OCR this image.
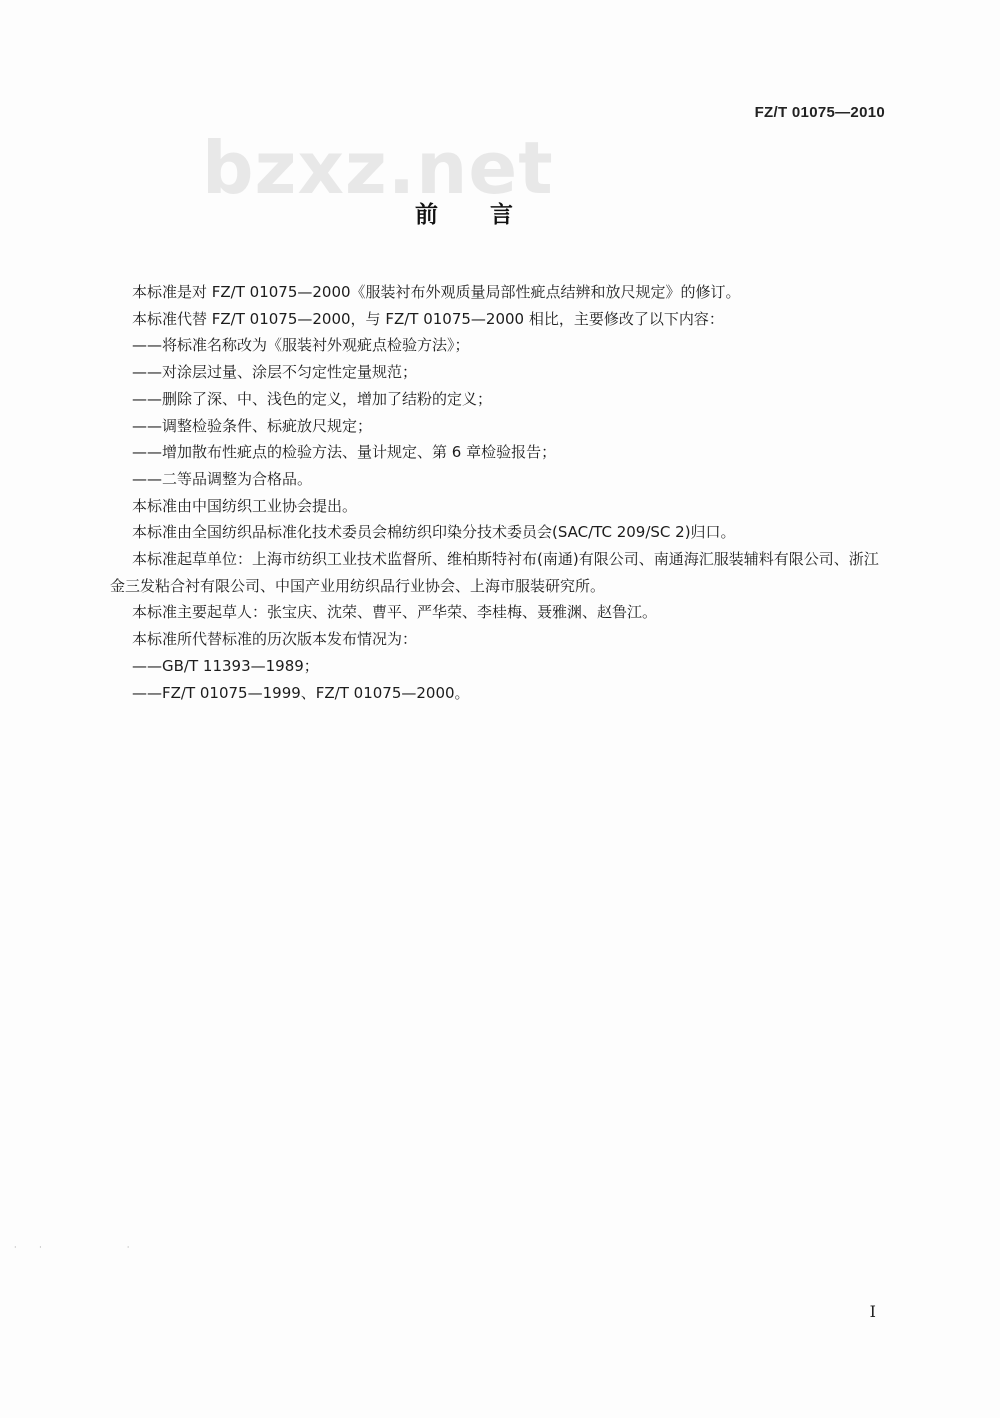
FZ/T 01075—2010
bzxz.net
前言

本标准是对 FZ/T 01075—2000《服装衬布外观质量局部性疵点结辨和放尺规定》的修订。

本标准代替 FZ/T 01075—2000，与 FZ/T 01075—2000 相比，主要修改了以下内容：

——将标准名称改为《服装衬外观疵点检验方法》；

——对涂层过量、涂层不匀定性定量规范；

——删除了深、中、浅色的定义，增加了结粉的定义；

——调整检验条件、标疵放尺规定；

——增加散布性疵点的检验方法、量计规定、第 6 章检验报告；

——二等品调整为合格品。

本标准由中国纺织工业协会提出。

本标准由全国纺织品标准化技术委员会棉纺织印染分技术委员会(SAC/TC 209/SC 2)归口。

本标准起草单位：上海市纺织工业技术监督所、维柏斯特衬布(南通)有限公司、南通海汇服装辅料有限公司、浙江金三发粘合衬有限公司、中国产业用纺织品行业协会、上海市服装研究所。

本标准主要起草人：张宝庆、沈荣、曹平、严华荣、李桂梅、聂雅渊、赵鲁江。

本标准所代替标准的历次版本发布情况为：

——GB/T 11393—1989；

——FZ/T 01075—1999、FZ/T 01075—2000。

· ·      ·
I
